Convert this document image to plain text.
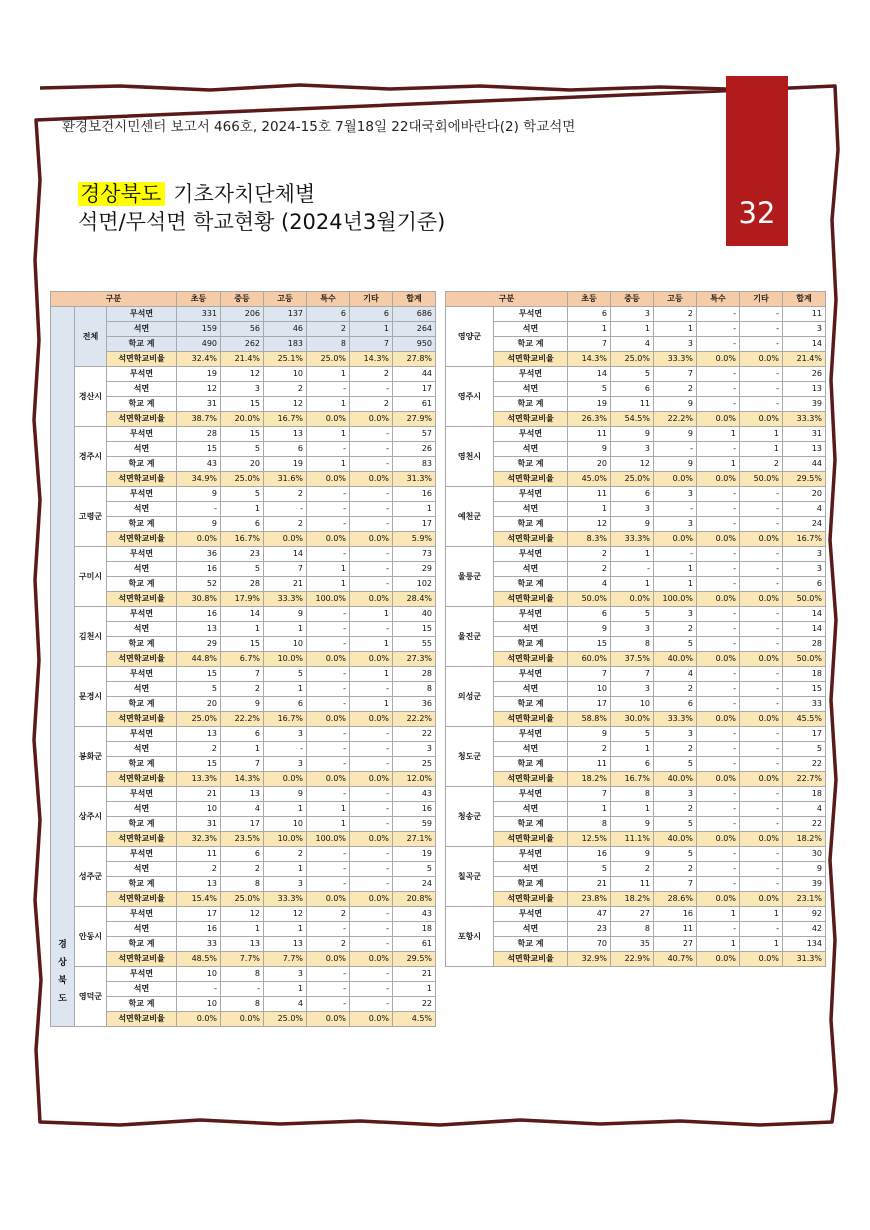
32
환경보건시민센터 보고서 466호, 2024-15호 7월18일 22대국회에바란다(2) 학교석면
경상북도 기초자치단체별
석면/무석면 학교현황 (2024년3월기준)
구분			초등	중등	고등	특수	기타	합계
경상북도	전체	무석면	331	206	137	6	6	686
		석면	159	56	46	2	1	264
		학교 계	490	262	183	8	7	950
		석면학교비율	32.4%	21.4%	25.1%	25.0%	14.3%	27.8%
	경산시	무석면	19	12	10	1	2	44
		석면	12	3	2	-	-	17
		학교 계	31	15	12	1	2	61
		석면학교비율	38.7%	20.0%	16.7%	0.0%	0.0%	27.9%
	경주시	무석면	28	15	13	1	-	57
		석면	15	5	6	-	-	26
		학교 계	43	20	19	1	-	83
		석면학교비율	34.9%	25.0%	31.6%	0.0%	0.0%	31.3%
	고령군	무석면	9	5	2	-	-	16
		석면	-	1	-	-	-	1
		학교 계	9	6	2	-	-	17
		석면학교비율	0.0%	16.7%	0.0%	0.0%	0.0%	5.9%
	구미시	무석면	36	23	14	-	-	73
		석면	16	5	7	1	-	29
		학교 계	52	28	21	1	-	102
		석면학교비율	30.8%	17.9%	33.3%	100.0%	0.0%	28.4%
	김천시	무석면	16	14	9	-	1	40
		석면	13	1	1	-	-	15
		학교 계	29	15	10	-	1	55
		석면학교비율	44.8%	6.7%	10.0%	0.0%	0.0%	27.3%
	문경시	무석면	15	7	5	-	1	28
		석면	5	2	1	-	-	8
		학교 계	20	9	6	-	1	36
		석면학교비율	25.0%	22.2%	16.7%	0.0%	0.0%	22.2%
	봉화군	무석면	13	6	3	-	-	22
		석면	2	1	-	-	-	3
		학교 계	15	7	3	-	-	25
		석면학교비율	13.3%	14.3%	0.0%	0.0%	0.0%	12.0%
	상주시	무석면	21	13	9	-	-	43
		석면	10	4	1	1	-	16
		학교 계	31	17	10	1	-	59
		석면학교비율	32.3%	23.5%	10.0%	100.0%	0.0%	27.1%
	성주군	무석면	11	6	2	-	-	19
		석면	2	2	1	-	-	5
		학교 계	13	8	3	-	-	24
		석면학교비율	15.4%	25.0%	33.3%	0.0%	0.0%	20.8%
	안동시	무석면	17	12	12	2	-	43
		석면	16	1	1	-	-	18
		학교 계	33	13	13	2	-	61
		석면학교비율	48.5%	7.7%	7.7%	0.0%	0.0%	29.5%
	영덕군	무석면	10	8	3	-	-	21
		석면	-	-	1	-	-	1
		학교 계	10	8	4	-	-	22
		석면학교비율	0.0%	0.0%	25.0%	0.0%	0.0%	4.5%
구분		초등	중등	고등	특수	기타	합계
영양군	무석면	6	3	2	-	-	11
	석면	1	1	1	-	-	3
	학교 계	7	4	3	-	-	14
	석면학교비율	14.3%	25.0%	33.3%	0.0%	0.0%	21.4%
영주시	무석면	14	5	7	-	-	26
	석면	5	6	2	-	-	13
	학교 계	19	11	9	-	-	39
	석면학교비율	26.3%	54.5%	22.2%	0.0%	0.0%	33.3%
영천시	무석면	11	9	9	1	1	31
	석면	9	3	-	-	1	13
	학교 계	20	12	9	1	2	44
	석면학교비율	45.0%	25.0%	0.0%	0.0%	50.0%	29.5%
예천군	무석면	11	6	3	-	-	20
	석면	1	3	-	-	-	4
	학교 계	12	9	3	-	-	24
	석면학교비율	8.3%	33.3%	0.0%	0.0%	0.0%	16.7%
울릉군	무석면	2	1	-	-	-	3
	석면	2	-	1	-	-	3
	학교 계	4	1	1	-	-	6
	석면학교비율	50.0%	0.0%	100.0%	0.0%	0.0%	50.0%
울진군	무석면	6	5	3	-	-	14
	석면	9	3	2	-	-	14
	학교 계	15	8	5	-	-	28
	석면학교비율	60.0%	37.5%	40.0%	0.0%	0.0%	50.0%
의성군	무석면	7	7	4	-	-	18
	석면	10	3	2	-	-	15
	학교 계	17	10	6	-	-	33
	석면학교비율	58.8%	30.0%	33.3%	0.0%	0.0%	45.5%
청도군	무석면	9	5	3	-	-	17
	석면	2	1	2	-	-	5
	학교 계	11	6	5	-	-	22
	석면학교비율	18.2%	16.7%	40.0%	0.0%	0.0%	22.7%
청송군	무석면	7	8	3	-	-	18
	석면	1	1	2	-	-	4
	학교 계	8	9	5	-	-	22
	석면학교비율	12.5%	11.1%	40.0%	0.0%	0.0%	18.2%
칠곡군	무석면	16	9	5	-	-	30
	석면	5	2	2	-	-	9
	학교 계	21	11	7	-	-	39
	석면학교비율	23.8%	18.2%	28.6%	0.0%	0.0%	23.1%
포항시	무석면	47	27	16	1	1	92
	석면	23	8	11	-	-	42
	학교 계	70	35	27	1	1	134
	석면학교비율	32.9%	22.9%	40.7%	0.0%	0.0%	31.3%
